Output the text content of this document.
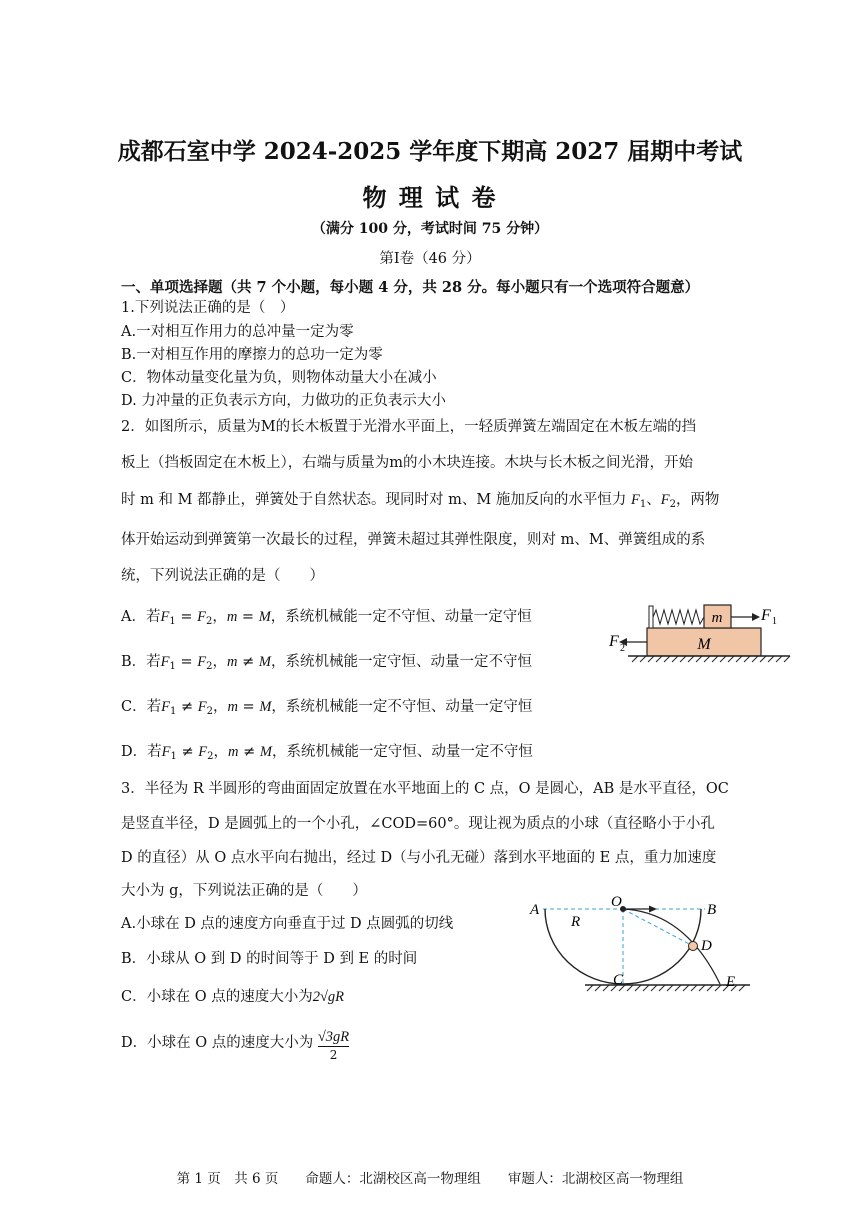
成都石室中学 2024-2025 学年度下期高 2027 届期中考试
物 理 试 卷
（满分 100 分，考试时间 75 分钟）
第Ⅰ卷（46 分）
一、单项选择题（共 7 个小题，每小题 4 分，共 28 分。每小题只有一个选项符合题意）
1.下列说法正确的是（　）
A.一对相互作用力的总冲量一定为零
B.一对相互作用的摩擦力的总功一定为零
C．物体动量变化量为负，则物体动量大小在减小
D. 力冲量的正负表示方向，力做功的正负表示大小
2．如图所示，质量为M的长木板置于光滑水平面上，一轻质弹簧左端固定在木板左端的挡
板上（挡板固定在木板上），右端与质量为m的小木块连接。木块与长木板之间光滑，开始
时 m 和 M 都静止，弹簧处于自然状态。现同时对 m、M 施加反向的水平恒力 $F_1$、$F_2$，两物
体开始运动到弹簧第一次最长的过程，弹簧未超过其弹性限度，则对 m、M、弹簧组成的系
统，下列说法正确的是（　　）
A．若$F_1 = F_2$，m = M，系统机械能一定不守恒、动量一定守恒
B．若$F_1 = F_2$，m ≠ M，系统机械能一定守恒、动量一定不守恒
C．若$F_1 \ne F_2$，m = M，系统机械能一定不守恒、动量一定守恒
D．若$F_1 \ne F_2$，m ≠ M，系统机械能一定守恒、动量一定不守恒
m
M
F 1
F 2
3．半径为 R 半圆形的弯曲面固定放置在水平地面上的 C 点，O 是圆心，AB 是水平直径，OC
是竖直半径，D 是圆弧上的一个小孔，∠COD=60°。现让视为质点的小球（直径略小于小孔
D 的直径）从 O 点水平向右抛出，经过 D（与小孔无碰）落到水平地面的 E 点，重力加速度
大小为 g，下列说法正确的是（　　）
A.小球在 D 点的速度方向垂直于过 D 点圆弧的切线
B．小球从 O 到 D 的时间等于 D 到 E 的时间
C．小球在 O 点的速度大小为2√gR
D．小球在 O 点的速度大小为 √3gR
2
A	B
O
R
C
D
E
第 1 页　共 6 页　　命题人：北湖校区高一物理组　　审题人：北湖校区高一物理组
